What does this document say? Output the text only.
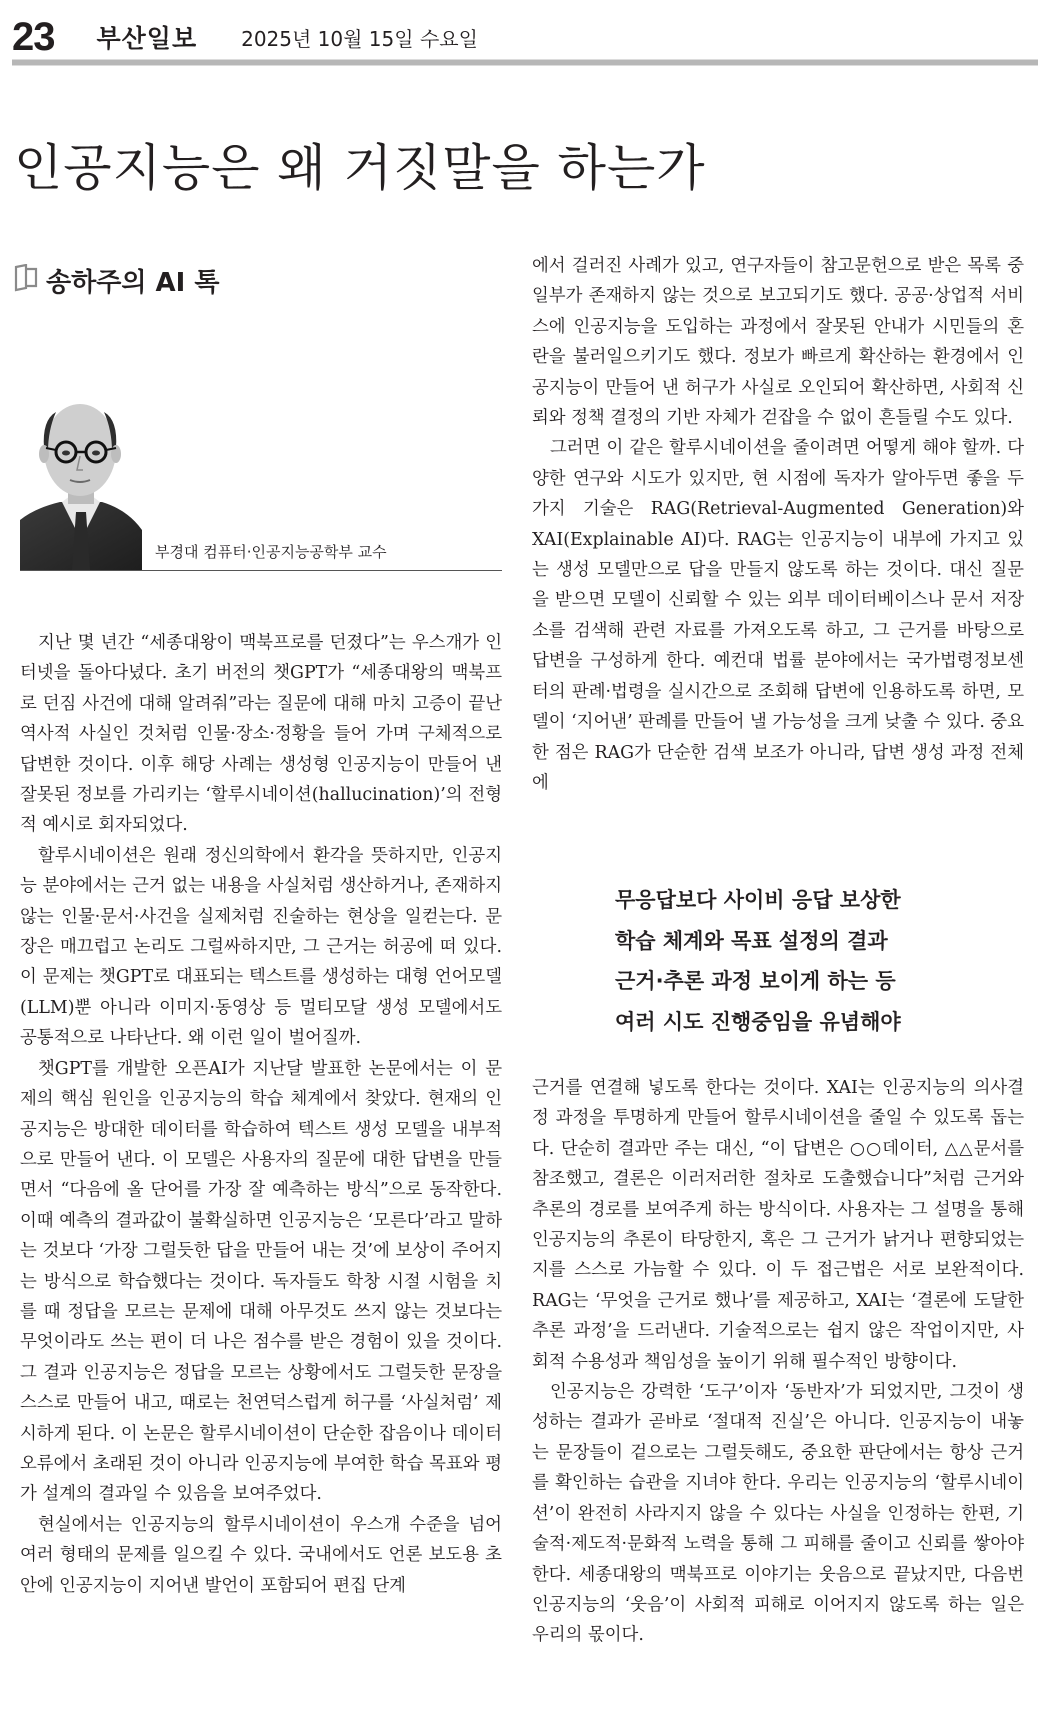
23 부산일보 2025년 10월 15일 수요일
인공지능은 왜 거짓말을 하는가
송하주의 AI 톡
부경대 컴퓨터·인공지능공학부 교수

지난 몇 년간 “세종대왕이 맥북프로를 던졌다”는 우스개가 인터넷을 돌아다녔다. 초기 버전의 챗GPT가 “세종대왕의 맥북프로 던짐 사건에 대해 알려줘”라는 질문에 대해 마치 고증이 끝난 역사적 사실인 것처럼 인물·장소·정황을 들어 가며 구체적으로 답변한 것이다. 이후 해당 사례는 생성형 인공지능이 만들어 낸 잘못된 정보를 가리키는 ‘할루시네이션(hallucination)’의 전형적 예시로 회자되었다.

할루시네이션은 원래 정신의학에서 환각을 뜻하지만, 인공지능 분야에서는 근거 없는 내용을 사실처럼 생산하거나, 존재하지 않는 인물·문서·사건을 실제처럼 진술하는 현상을 일컫는다. 문장은 매끄럽고 논리도 그럴싸하지만, 그 근거는 허공에 떠 있다. 이 문제는 챗GPT로 대표되는 텍스트를 생성하는 대형 언어모델(LLM)뿐 아니라 이미지·동영상 등 멀티모달 생성 모델에서도 공통적으로 나타난다. 왜 이런 일이 벌어질까.

챗GPT를 개발한 오픈AI가 지난달 발표한 논문에서는 이 문제의 핵심 원인을 인공지능의 학습 체계에서 찾았다. 현재의 인공지능은 방대한 데이터를 학습하여 텍스트 생성 모델을 내부적으로 만들어 낸다. 이 모델은 사용자의 질문에 대한 답변을 만들면서 “다음에 올 단어를 가장 잘 예측하는 방식”으로 동작한다. 이때 예측의 결과값이 불확실하면 인공지능은 ‘모른다’라고 말하는 것보다 ‘가장 그럴듯한 답을 만들어 내는 것’에 보상이 주어지는 방식으로 학습했다는 것이다. 독자들도 학창 시절 시험을 치를 때 정답을 모르는 문제에 대해 아무것도 쓰지 않는 것보다는 무엇이라도 쓰는 편이 더 나은 점수를 받은 경험이 있을 것이다. 그 결과 인공지능은 정답을 모르는 상황에서도 그럴듯한 문장을 스스로 만들어 내고, 때로는 천연덕스럽게 허구를 ‘사실처럼’ 제시하게 된다. 이 논문은 할루시네이션이 단순한 잡음이나 데이터 오류에서 초래된 것이 아니라 인공지능에 부여한 학습 목표와 평가 설계의 결과일 수 있음을 보여주었다.

현실에서는 인공지능의 할루시네이션이 우스개 수준을 넘어 여러 형태의 문제를 일으킬 수 있다. 국내에서도 언론 보도용 초안에 인공지능이 지어낸 발언이 포함되어 편집 단계

에서 걸러진 사례가 있고, 연구자들이 참고문헌으로 받은 목록 중 일부가 존재하지 않는 것으로 보고되기도 했다. 공공·상업적 서비스에 인공지능을 도입하는 과정에서 잘못된 안내가 시민들의 혼란을 불러일으키기도 했다. 정보가 빠르게 확산하는 환경에서 인공지능이 만들어 낸 허구가 사실로 오인되어 확산하면, 사회적 신뢰와 정책 결정의 기반 자체가 걷잡을 수 없이 흔들릴 수도 있다.

그러면 이 같은 할루시네이션을 줄이려면 어떻게 해야 할까. 다양한 연구와 시도가 있지만, 현 시점에 독자가 알아두면 좋을 두 가지 기술은 RAG(Retrieval-Augmented Generation)와 XAI(Explainable AI)다. RAG는 인공지능이 내부에 가지고 있는 생성 모델만으로 답을 만들지 않도록 하는 것이다. 대신 질문을 받으면 모델이 신뢰할 수 있는 외부 데이터베이스나 문서 저장소를 검색해 관련 자료를 가져오도록 하고, 그 근거를 바탕으로 답변을 구성하게 한다. 예컨대 법률 분야에서는 국가법령정보센터의 판례·법령을 실시간으로 조회해 답변에 인용하도록 하면, 모델이 ‘지어낸’ 판례를 만들어 낼 가능성을 크게 낮출 수 있다. 중요한 점은 RAG가 단순한 검색 보조가 아니라, 답변 생성 과정 전체에

무응답보다 사이비 응답 보상한
학습 체계와 목표 설정의 결과
근거·추론 과정 보이게 하는 등
여러 시도 진행중임을 유념해야

근거를 연결해 넣도록 한다는 것이다. XAI는 인공지능의 의사결정 과정을 투명하게 만들어 할루시네이션을 줄일 수 있도록 돕는다. 단순히 결과만 주는 대신, “이 답변은 ○○데이터, △△문서를 참조했고, 결론은 이러저러한 절차로 도출했습니다”처럼 근거와 추론의 경로를 보여주게 하는 방식이다. 사용자는 그 설명을 통해 인공지능의 추론이 타당한지, 혹은 그 근거가 낡거나 편향되었는지를 스스로 가늠할 수 있다. 이 두 접근법은 서로 보완적이다. RAG는 ‘무엇을 근거로 했나’를 제공하고, XAI는 ‘결론에 도달한 추론 과정’을 드러낸다. 기술적으로는 쉽지 않은 작업이지만, 사회적 수용성과 책임성을 높이기 위해 필수적인 방향이다.

인공지능은 강력한 ‘도구’이자 ‘동반자’가 되었지만, 그것이 생성하는 결과가 곧바로 ‘절대적 진실’은 아니다. 인공지능이 내놓는 문장들이 겉으로는 그럴듯해도, 중요한 판단에서는 항상 근거를 확인하는 습관을 지녀야 한다. 우리는 인공지능의 ‘할루시네이션’이 완전히 사라지지 않을 수 있다는 사실을 인정하는 한편, 기술적·제도적·문화적 노력을 통해 그 피해를 줄이고 신뢰를 쌓아야 한다. 세종대왕의 맥북프로 이야기는 웃음으로 끝났지만, 다음번 인공지능의 ‘웃음’이 사회적 피해로 이어지지 않도록 하는 일은 우리의 몫이다.
